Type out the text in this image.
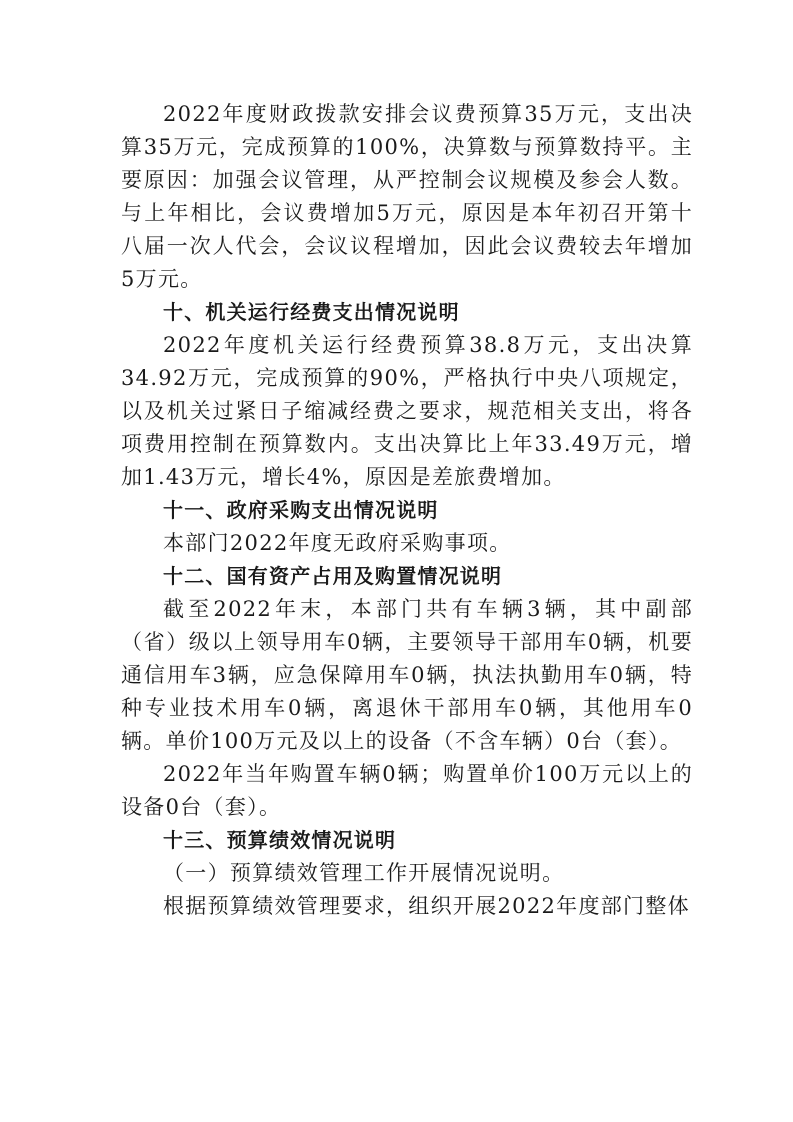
2022年度财政拨款安排会议费预算35万元，支出决算35万元，完成预算的100%，决算数与预算数持平。主要原因：加强会议管理，从严控制会议规模及参会人数。与上年相比，会议费增加5万元，原因是本年初召开第十八届一次人代会，会议议程增加，因此会议费较去年增加5万元。

十、机关运行经费支出情况说明

2022年度机关运行经费预算38.8万元，支出决算34.92万元，完成预算的90%，严格执行中央八项规定，以及机关过紧日子缩减经费之要求，规范相关支出，将各项费用控制在预算数内。支出决算比上年33.49万元，增加1.43万元，增长4%，原因是差旅费增加。

十一、政府采购支出情况说明

本部门2022年度无政府采购事项。

十二、国有资产占用及购置情况说明

截至2022年末，本部门共有车辆3辆，其中副部（省）级以上领导用车0辆，主要领导干部用车0辆，机要通信用车3辆，应急保障用车0辆，执法执勤用车0辆，特种专业技术用车0辆，离退休干部用车0辆，其他用车0辆。单价100万元及以上的设备（不含车辆）0台（套）。

2022年当年购置车辆0辆；购置单价100万元以上的设备0台（套）。

十三、预算绩效情况说明

（一）预算绩效管理工作开展情况说明。

根据预算绩效管理要求，组织开展2022年度部门整体
